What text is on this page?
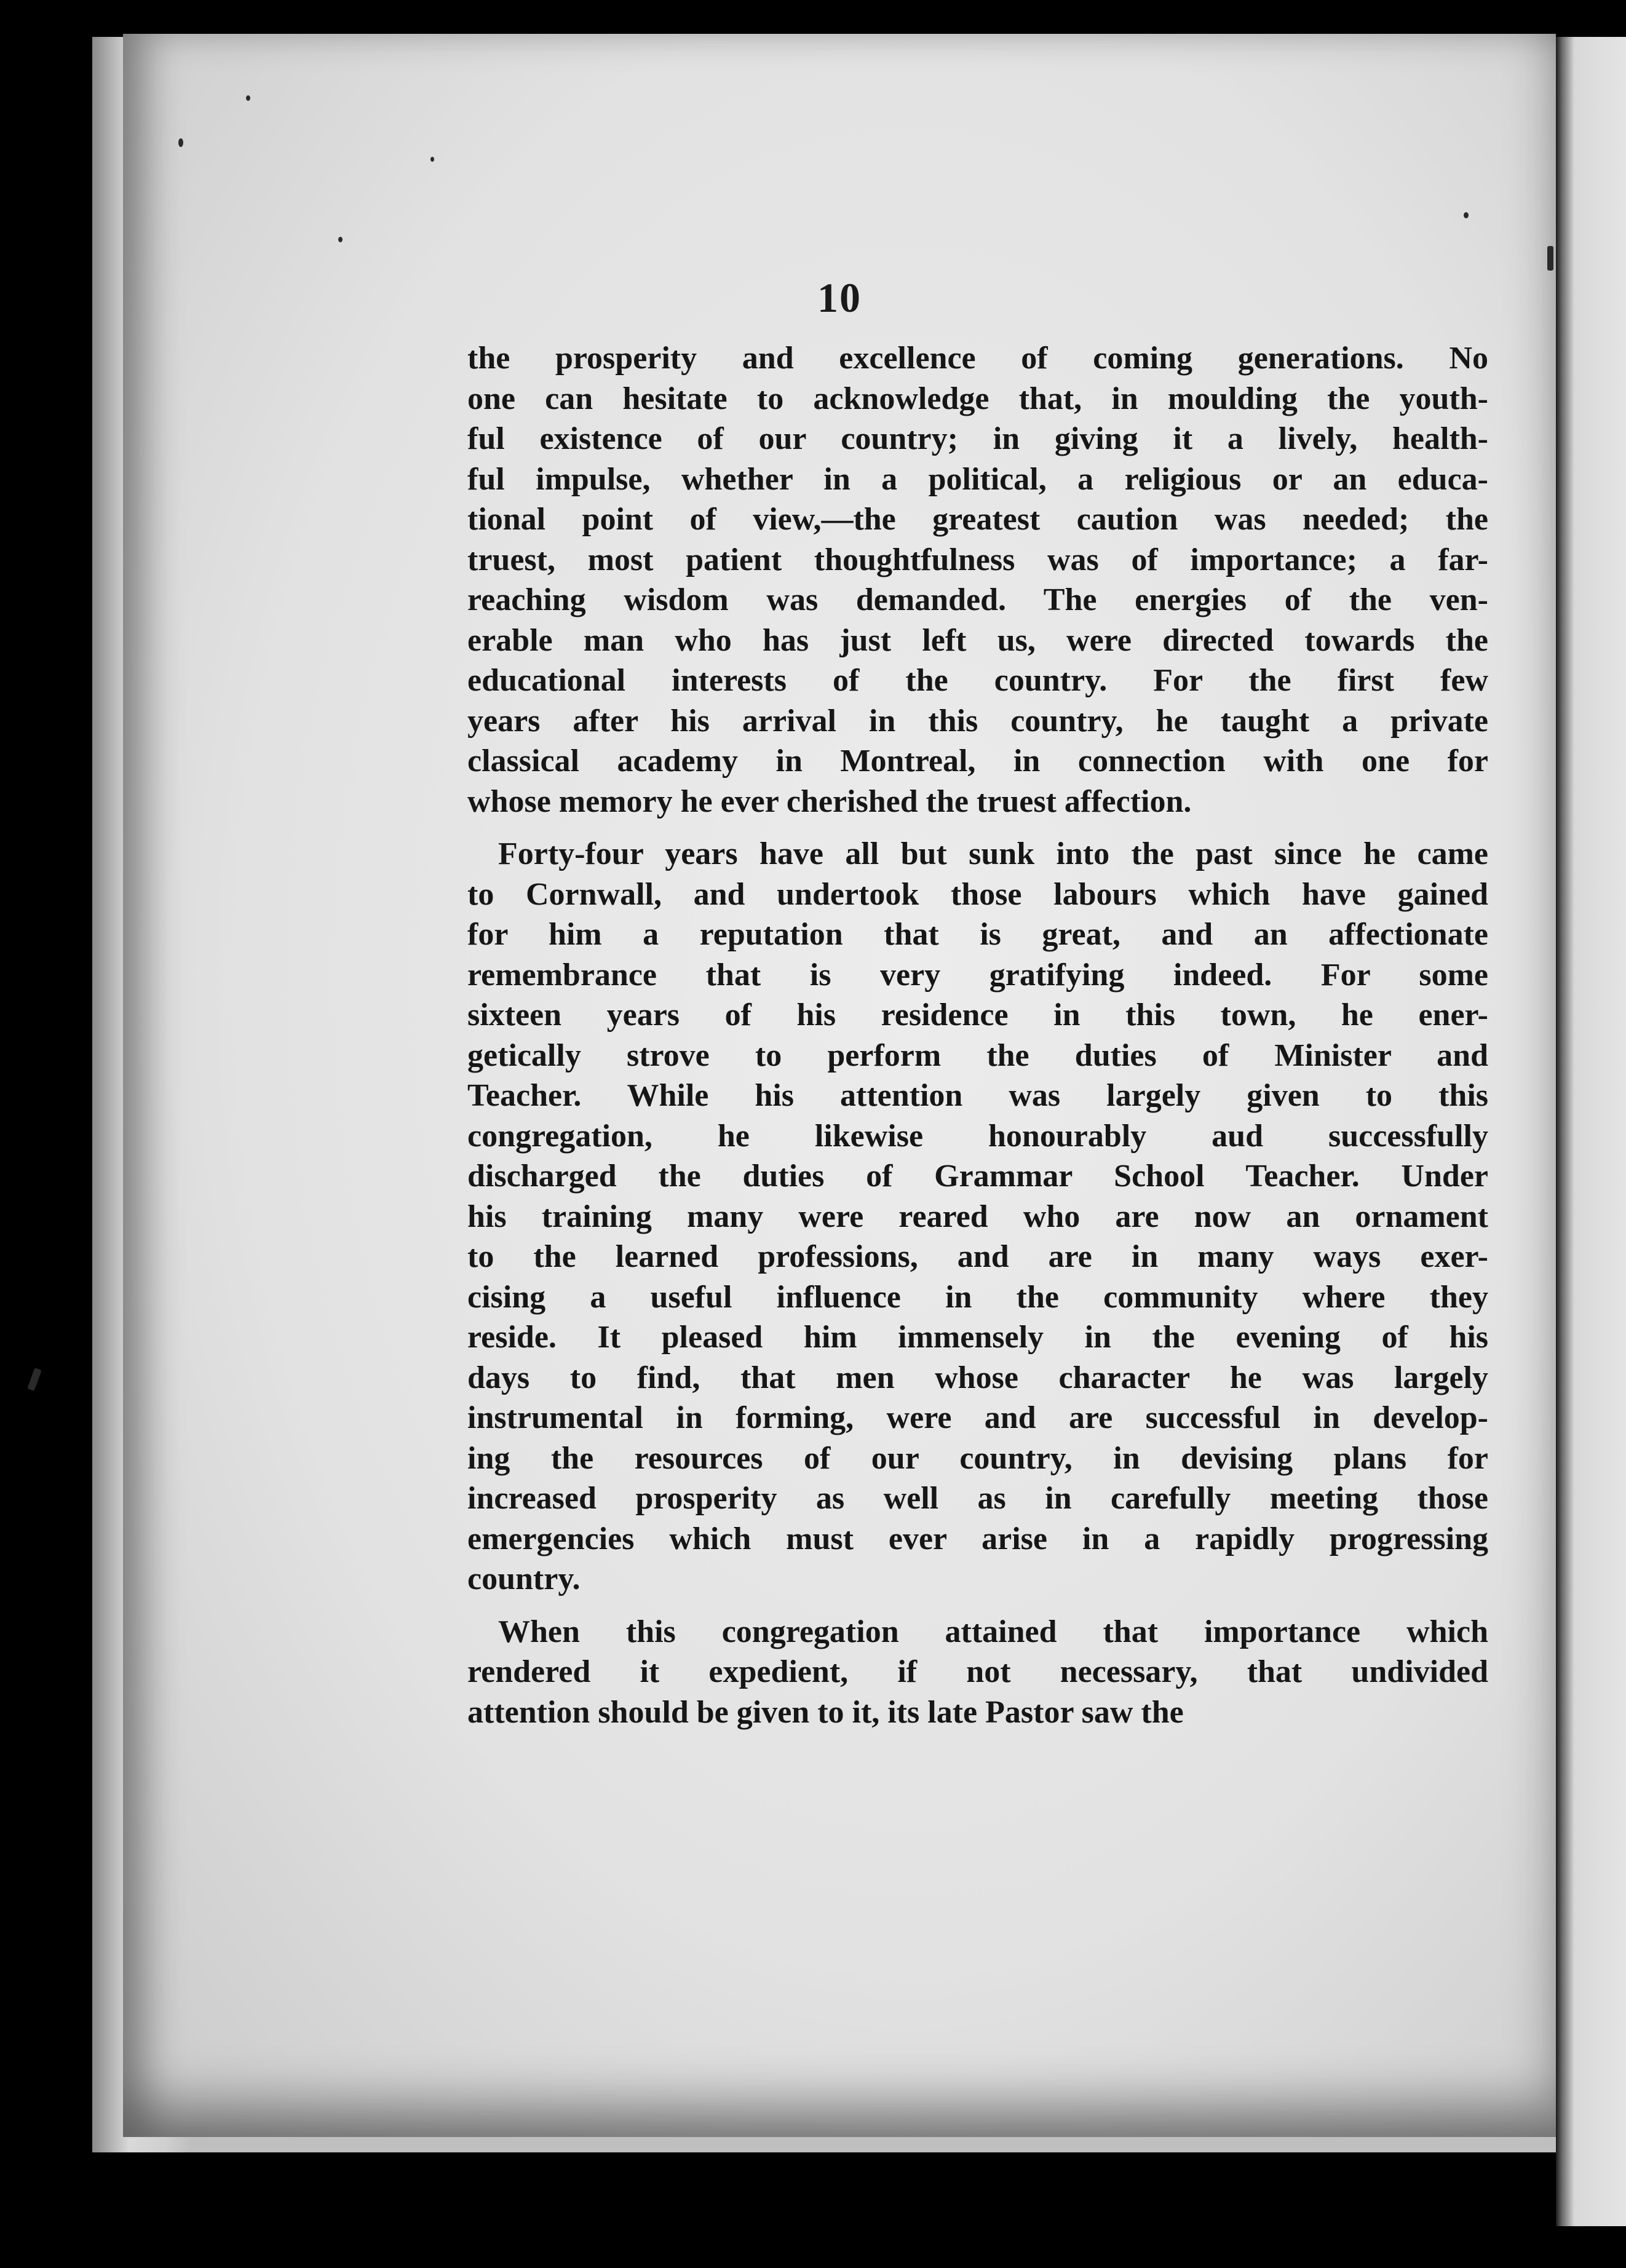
10
the prosperity and excellence of coming generations. No
one can hesitate to acknowledge that, in moulding the youth-
ful existence of our country; in giving it a lively, health-
ful impulse, whether in a political, a religious or an educa-
tional point of view,—the greatest caution was needed; the
truest, most patient thoughtfulness was of importance; a far-
reaching wisdom was demanded. The energies of the ven-
erable man who has just left us, were directed towards the
educational interests of the country. For the first few
years after his arrival in this country, he taught a private
classical academy in Montreal, in connection with one for
whose memory he ever cherished the truest affection.
Forty-four years have all but sunk into the past since he came
to Cornwall, and undertook those labours which have gained
for him a reputation that is great, and an affectionate
remembrance that is very gratifying indeed. For some
sixteen years of his residence in this town, he ener-
getically strove to perform the duties of Minister and
Teacher. While his attention was largely given to this
congregation, he likewise honourably aud successfully
discharged the duties of Grammar School Teacher. Under
his training many were reared who are now an ornament
to the learned professions, and are in many ways exer-
cising a useful influence in the community where they
reside. It pleased him immensely in the evening of his
days to find, that men whose character he was largely
instrumental in forming, were and are successful in develop-
ing the resources of our country, in devising plans for
increased prosperity as well as in carefully meeting those
emergencies which must ever arise in a rapidly progressing
country.
When this congregation attained that importance which
rendered it expedient, if not necessary, that undivided
attention should be given to it, its late Pastor saw the
